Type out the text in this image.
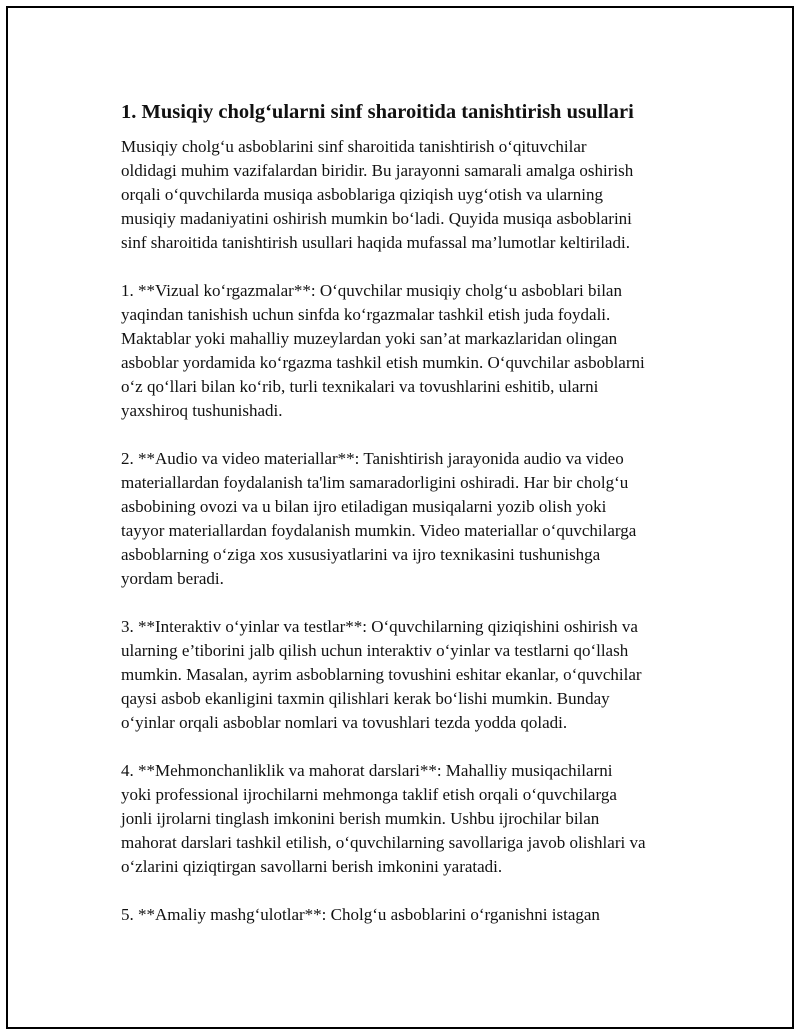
1. Musiqiy cholg‘ularni sinf sharoitida tanishtirish usullari

Musiqiy cholg‘u asboblarini sinf sharoitida tanishtirish o‘qituvchilar
oldidagi muhim vazifalardan biridir. Bu jarayonni samarali amalga oshirish
orqali o‘quvchilarda musiqa asboblariga qiziqish uyg‘otish va ularning
musiqiy madaniyatini oshirish mumkin bo‘ladi. Quyida musiqa asboblarini
sinf sharoitida tanishtirish usullari haqida mufassal ma’lumotlar keltiriladi.

1. **Vizual ko‘rgazmalar**: O‘quvchilar musiqiy cholg‘u asboblari bilan
yaqindan tanishish uchun sinfda ko‘rgazmalar tashkil etish juda foydali.
Maktablar yoki mahalliy muzeylardan yoki san’at markazlaridan olingan
asboblar yordamida ko‘rgazma tashkil etish mumkin. O‘quvchilar asboblarni
o‘z qo‘llari bilan ko‘rib, turli texnikalari va tovushlarini eshitib, ularni
yaxshiroq tushunishadi.

2. **Audio va video materiallar**: Tanishtirish jarayonida audio va video
materiallardan foydalanish ta'lim samaradorligini oshiradi. Har bir cholg‘u
asbobining ovozi va u bilan ijro etiladigan musiqalarni yozib olish yoki
tayyor materiallardan foydalanish mumkin. Video materiallar o‘quvchilarga
asboblarning o‘ziga xos xususiyatlarini va ijro texnikasini tushunishga
yordam beradi.

3. **Interaktiv o‘yinlar va testlar**: O‘quvchilarning qiziqishini oshirish va
ularning e’tiborini jalb qilish uchun interaktiv o‘yinlar va testlarni qo‘llash
mumkin. Masalan, ayrim asboblarning tovushini eshitar ekanlar, o‘quvchilar
qaysi asbob ekanligini taxmin qilishlari kerak bo‘lishi mumkin. Bunday
o‘yinlar orqali asboblar nomlari va tovushlari tezda yodda qoladi.

4. **Mehmonchanliklik va mahorat darslari**: Mahalliy musiqachilarni
yoki professional ijrochilarni mehmonga taklif etish orqali o‘quvchilarga
jonli ijrolarni tinglash imkonini berish mumkin. Ushbu ijrochilar bilan
mahorat darslari tashkil etilish, o‘quvchilarning savollariga javob olishlari va
o‘zlarini qiziqtirgan savollarni berish imkonini yaratadi.

5. **Amaliy mashg‘ulotlar**: Cholg‘u asboblarini o‘rganishni istagan
